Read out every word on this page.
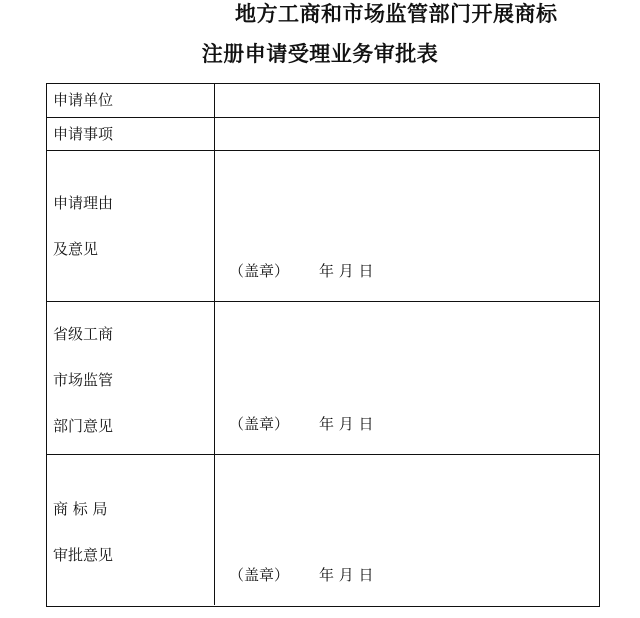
地方工商和市场监管部门开展商标
注册申请受理业务审批表
申请单位
申请事项
申请理由
及意见
（盖章） 年 月 日
省级工商
市场监管
部门意见	（盖章） 年 月 日
商 标 局
审批意见
（盖章） 年 月 日
